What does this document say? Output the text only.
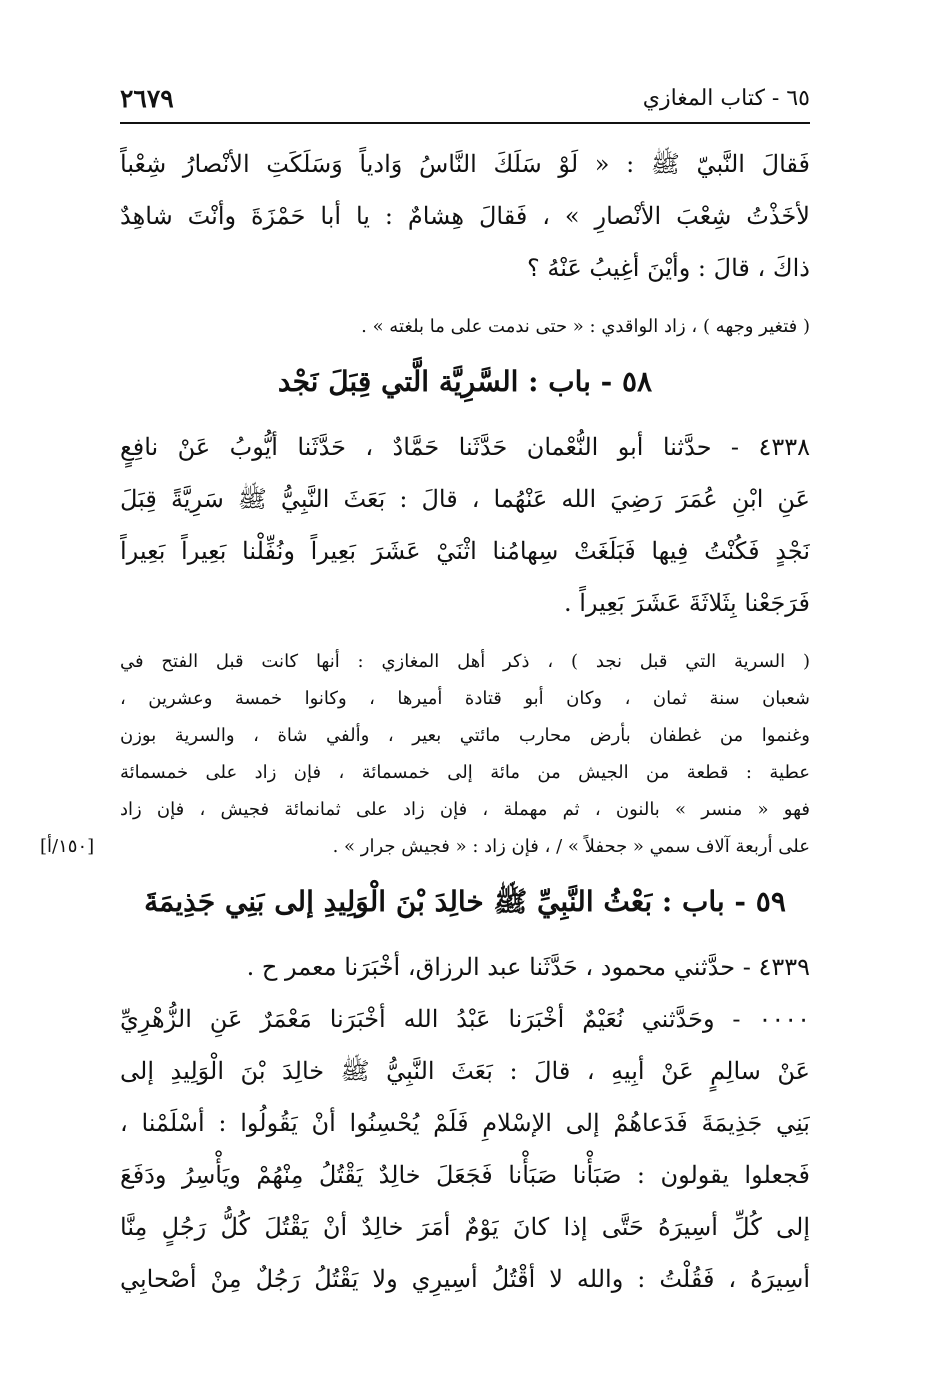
٢٦٧٩	٦٥ - كتاب المغازي

فَقالَ النَّبيّ ﷺ : « لَوْ سَلَكَ النَّاسُ وَادياً وَسَلَكَتِ الأنْصارُ شِعْباً

لأخَذْتُ شِعْبَ الأنْصارِ » ، فَقالَ هِشامٌ : يا أبا حَمْزَةَ وأنْتَ شاهِدٌ

ذاكَ ، قالَ : وأيْنَ أغِيبُ عَنْهُ ؟

( فتغير وجهه ) ، زاد الواقدي : « حتى ندمت على ما بلغته » .

٥٨ - باب : السَّرِيَّة الَّتي قِبَلَ نَجْد

٤٣٣٨ - حدَّثنا أبو النُّعْمان حَدَّثَنا حَمَّادٌ ، حَدَّثَنا أيُّوبُ عَنْ نافِعٍ

عَنِ ابْنِ عُمَرَ رَضِيَ الله عَنْهُما ، قالَ : بَعَثَ النَّبِيُّ ﷺ سَرِيَّةً قِبَلَ

نَجْدٍ فَكُنْتُ فِيها فَبَلَغَتْ سِهامُنا اثْنَيْ عَشَرَ بَعِيراً ونُفِّلْنا بَعِيراً بَعِيراً

فَرَجَعْنا بِثَلاثَةَ عَشَرَ بَعِيراً .

( السرية التي قبل نجد ) ، ذكر أهل المغازي : أنها كانت قبل الفتح في

شعبان سنة ثمان ، وكان أبو قتادة أميرها ، وكانوا خمسة وعشرين ،

وغنموا من غطفان بأرض محارب مائتي بعير ، وألفي شاة ، والسرية بوزن

عطية : قطعة من الجيش من مائة إلى خمسمائة ، فإن زاد على خمسمائة

فهو « منسر » بالنون ، ثم مهملة ، فإن زاد على ثمانمائة فجيش ، فإن زاد

على أربعة آلاف سمي « جحفلاً » / ، فإن زاد : « فجيش جرار » .

[١٥٠/أ]
٥٩ - باب : بَعْثُ النَّبِيِّ ﷺ خالِدَ بْنَ الْوَلِيدِ إلى بَنِي جَذِيمَةَ

٤٣٣٩ - حدَّثني محمود ، حَدَّثَنا عبد الرزاق، أخْبَرَنا معمر ح .

٠٠٠٠ - وحَدَّثني نُعَيْمٌ أخْبَرَنا عَبْدُ الله أخْبَرَنا مَعْمَرٌ عَنِ الزُّهْرِيِّ

عَنْ سالِمٍ عَنْ أبِيهِ ، قالَ : بَعَثَ النَّبِيُّ ﷺ خالِدَ بْنَ الْوَلِيدِ إلى

بَنِي جَذِيمَةَ فَدَعاهُمْ إلى الإسْلامِ فَلَمْ يُحْسِنُوا أنْ يَقُولُوا : أسْلَمْنا ،

فَجعلوا يقولون : صَبَأْنا صَبَأْنا فَجَعَلَ خالِدٌ يَقْتُلُ مِنْهُمْ ويَأْسِرُ ودَفَعَ

إلى كُلِّ أسِيرَهُ حَتَّى إذا كانَ يَوْمٌ أمَرَ خالِدٌ أنْ يَقْتُلَ كُلُّ رَجُلٍ مِنَّا

أسِيرَهُ ، فَقُلْتُ : والله لا أقْتُلُ أسِيرِي ولا يَقْتُلُ رَجُلٌ مِنْ أصْحابِي
